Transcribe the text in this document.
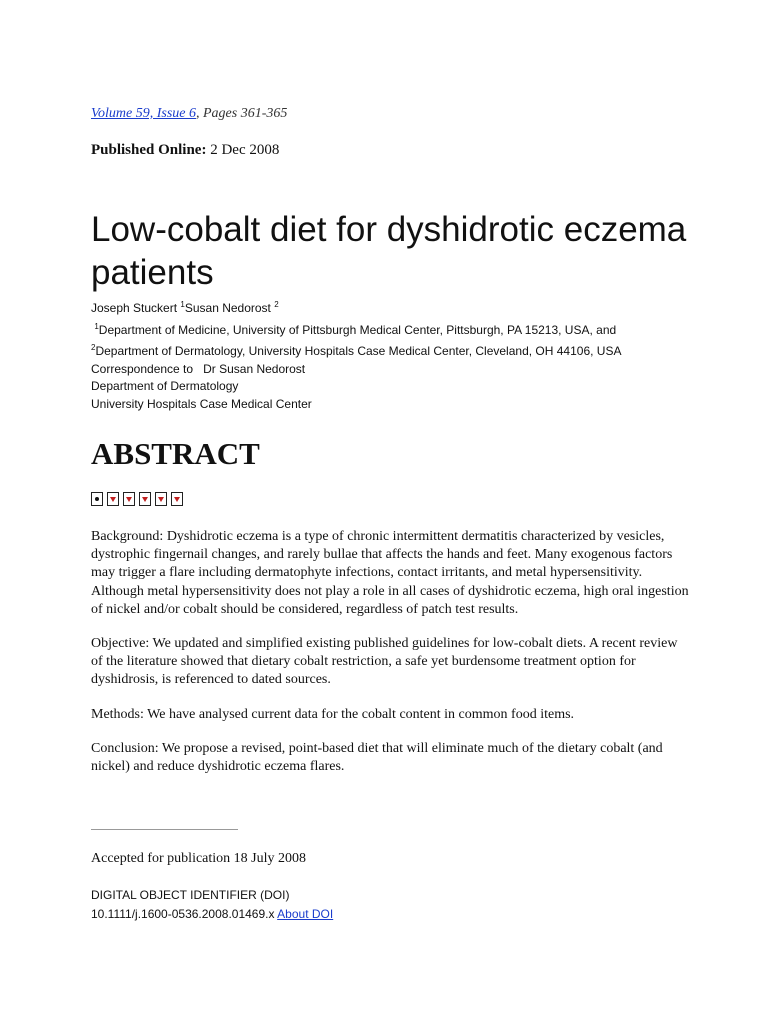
Volume 59, Issue 6, Pages 361-365
Published Online: 2 Dec 2008
Low-cobalt diet for dyshidrotic eczema patients
Joseph Stuckert $^1$Susan Nedorost $^2$
$^1$Department of Medicine, University of Pittsburgh Medical Center, Pittsburgh, PA 15213, USA, and
$^2$Department of Dermatology, University Hospitals Case Medical Center, Cleveland, OH 44106, USA
Correspondence to Dr Susan Nedorost
Department of Dermatology
University Hospitals Case Medical Center
ABSTRACT

Background: Dyshidrotic eczema is a type of chronic intermittent dermatitis characterized by vesicles, dystrophic fingernail changes, and rarely bullae that affects the hands and feet. Many exogenous factors may trigger a flare including dermatophyte infections, contact irritants, and metal hypersensitivity. Although metal hypersensitivity does not play a role in all cases of dyshidrotic eczema, high oral ingestion of nickel and/or cobalt should be considered, regardless of patch test results.

Objective: We updated and simplified existing published guidelines for low-cobalt diets. A recent review of the literature showed that dietary cobalt restriction, a safe yet burdensome treatment option for dyshidrosis, is referenced to dated sources.

Methods: We have analysed current data for the cobalt content in common food items.

Conclusion: We propose a revised, point-based diet that will eliminate much of the dietary cobalt (and nickel) and reduce dyshidrotic eczema flares.

Accepted for publication 18 July 2008
DIGITAL OBJECT IDENTIFIER (DOI)
10.1111/j.1600-0536.2008.01469.x About DOI
